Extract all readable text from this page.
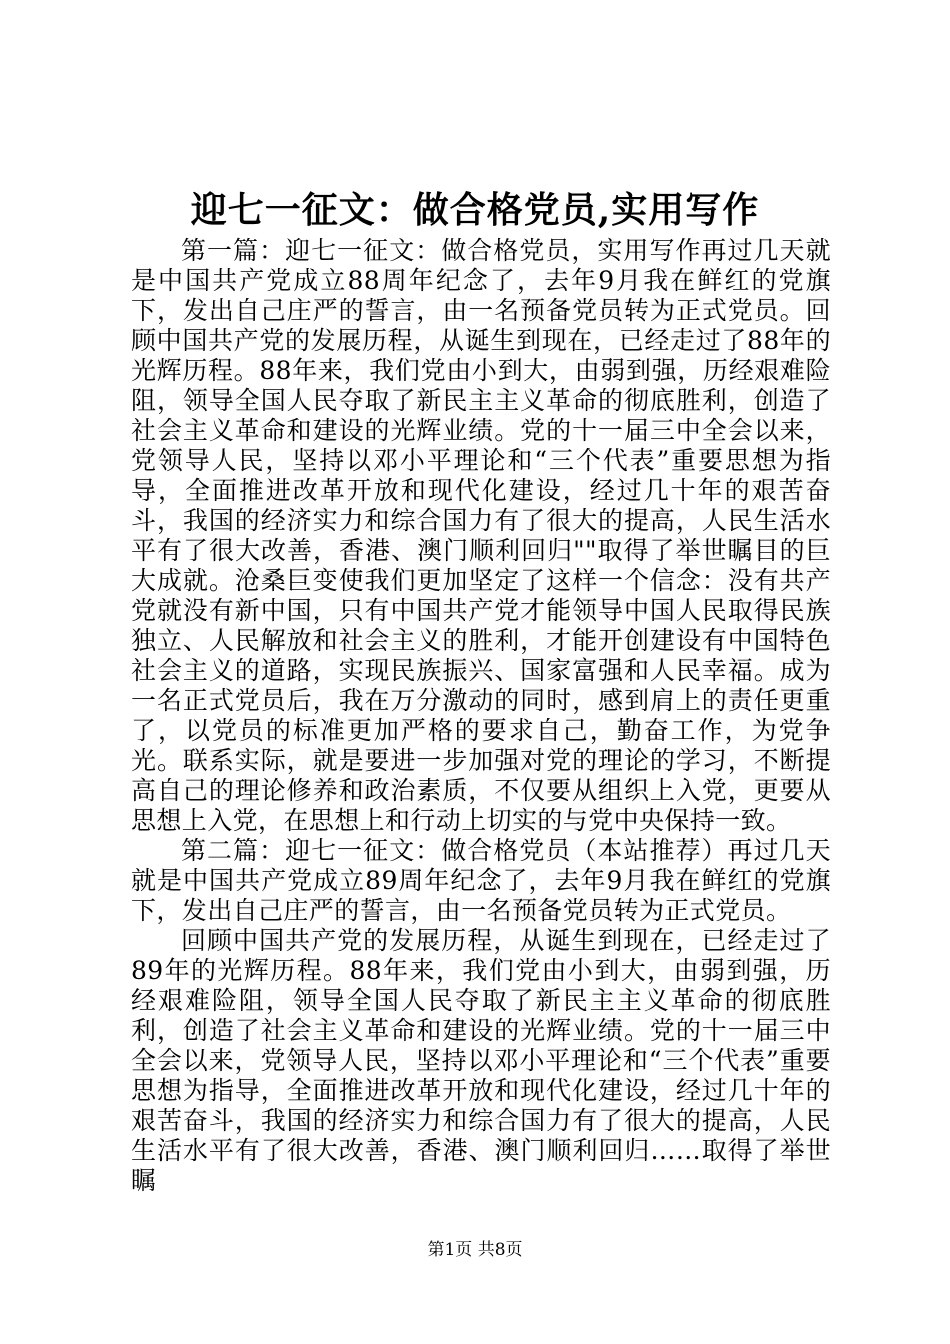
迎七一征文：做合格党员,实用写作

第一篇：迎七一征文：做合格党员，实用写作再过几天就是中国共产党成立88周年纪念了，去年9月我在鲜红的党旗下，发出自己庄严的誓言，由一名预备党员转为正式党员。回顾中国共产党的发展历程，从诞生到现在，已经走过了88年的光辉历程。88年来，我们党由小到大，由弱到强，历经艰难险阻，领导全国人民夺取了新民主主义革命的彻底胜利，创造了社会主义革命和建设的光辉业绩。党的十一届三中全会以来，党领导人民，坚持以邓小平理论和“三个代表”重要思想为指导，全面推进改革开放和现代化建设，经过几十年的艰苦奋斗，我国的经济实力和综合国力有了很大的提高，人民生活水平有了很大改善，香港、澳门顺利回归""取得了举世瞩目的巨大成就。沧桑巨变使我们更加坚定了这样一个信念：没有共产党就没有新中国，只有中国共产党才能领导中国人民取得民族独立、人民解放和社会主义的胜利，才能开创建设有中国特色社会主义的道路，实现民族振兴、国家富强和人民幸福。成为一名正式党员后，我在万分激动的同时，感到肩上的责任更重了，以党员的标准更加严格的要求自己，勤奋工作，为党争光。联系实际，就是要进一步加强对党的理论的学习，不断提高自己的理论修养和政治素质，不仅要从组织上入党，更要从思想上入党，在思想上和行动上切实的与党中央保持一致。

第二篇：迎七一征文：做合格党员（本站推荐）再过几天就是中国共产党成立89周年纪念了，去年9月我在鲜红的党旗下，发出自己庄严的誓言，由一名预备党员转为正式党员。

回顾中国共产党的发展历程，从诞生到现在，已经走过了89年的光辉历程。88年来，我们党由小到大，由弱到强，历经艰难险阻，领导全国人民夺取了新民主主义革命的彻底胜利，创造了社会主义革命和建设的光辉业绩。党的十一届三中全会以来，党领导人民，坚持以邓小平理论和“三个代表”重要思想为指导，全面推进改革开放和现代化建设，经过几十年的艰苦奋斗，我国的经济实力和综合国力有了很大的提高，人民生活水平有了很大改善，香港、澳门顺利回归……取得了举世瞩

第1页 共8页
